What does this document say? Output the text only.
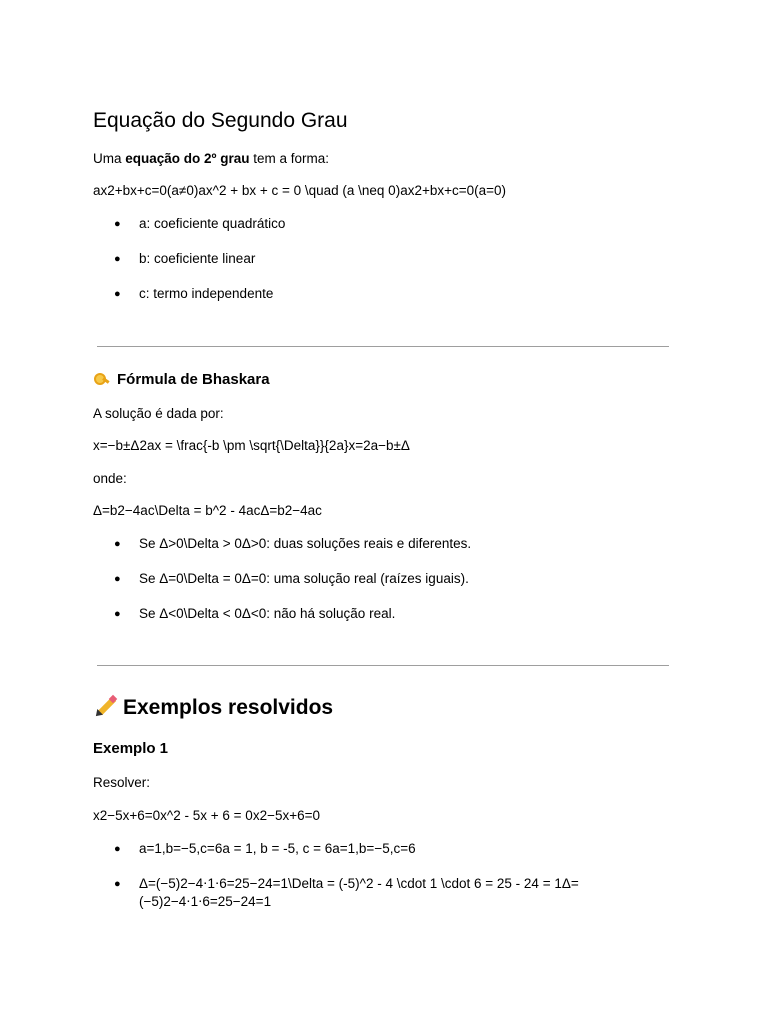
Equação do Segundo Grau
Uma equação do 2º grau tem a forma:
ax2+bx+c=0(a≠0)ax^2 + bx + c = 0 \quad (a \neq 0)ax2+bx+c=0(a=0)
● a: coeficiente quadrático
● b: coeficiente linear
● c: termo independente
Fórmula de Bhaskara
A solução é dada por:
x=−b±Δ2ax = \frac{-b \pm \sqrt{\Delta}}{2a}x=2a−b±Δ
onde:
Δ=b2−4ac\Delta = b^2 - 4acΔ=b2−4ac
● Se Δ>0\Delta > 0Δ>0: duas soluções reais e diferentes.
● Se Δ=0\Delta = 0Δ=0: uma solução real (raízes iguais).
● Se Δ<0\Delta < 0Δ<0: não há solução real.
Exemplos resolvidos
Exemplo 1
Resolver:
x2−5x+6=0x^2 - 5x + 6 = 0x2−5x+6=0
● a=1,b=−5,c=6a = 1, b = -5, c = 6a=1,b=−5,c=6
● Δ=(−5)2−4⋅1⋅6=25−24=1\Delta = (-5)^2 - 4 \cdot 1 \cdot 6 = 25 - 24 = 1Δ=(−5)2−4⋅1⋅6=25−24=1
